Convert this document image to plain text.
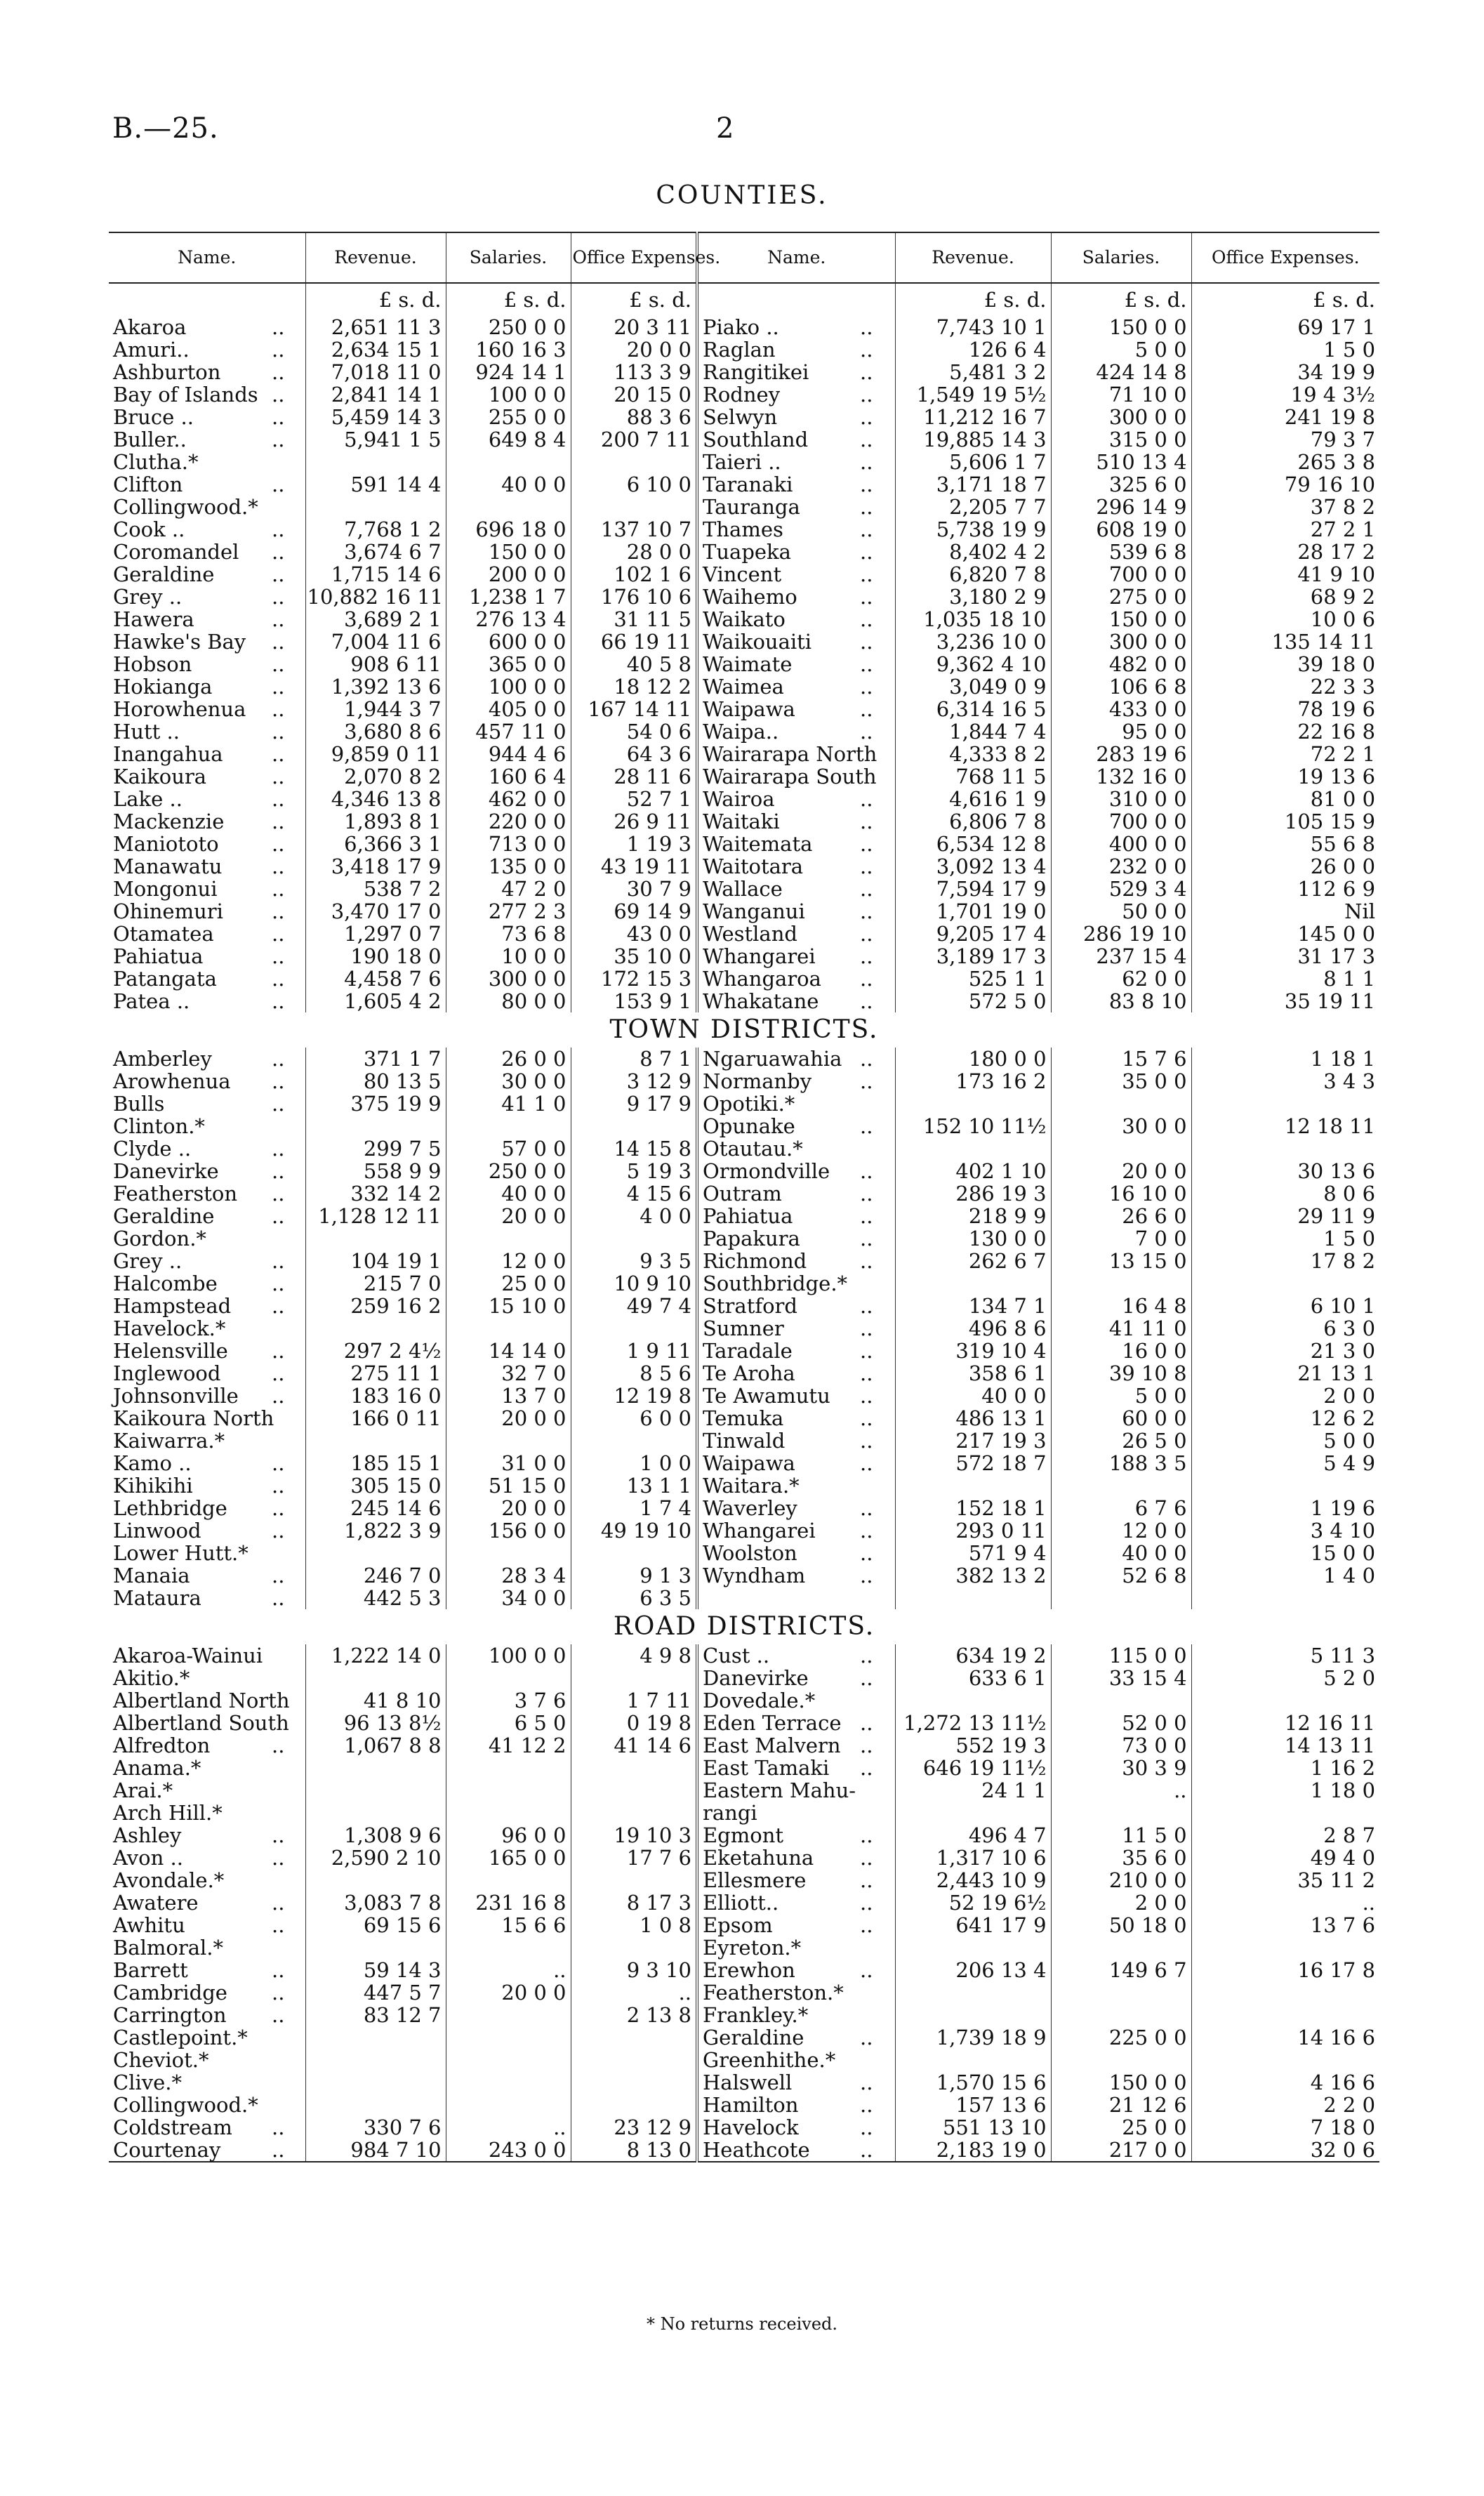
B.—25.	2
COUNTIES.
Name.		Revenue.	Salaries.	Office Expenses.	Name.		Revenue.	Salaries.	Office Expenses.
		£ s. d.	£ s. d.	£ s. d.			£ s. d.	£ s. d.	£ s. d.
Akaroa	..	2,651 11 3	250 0 0	20 3 11	Piako ..	..	7,743 10 1	150 0 0	69 17 1
Amuri..	..	2,634 15 1	160 16 3	20 0 0	Raglan	..	126 6 4	5 0 0	1 5 0
Ashburton	..	7,018 11 0	924 14 1	113 3 9	Rangitikei	..	5,481 3 2	424 14 8	34 19 9
Bay of Islands	..	2,841 14 1	100 0 0	20 15 0	Rodney	..	1,549 19 5½	71 10 0	19 4 3½
Bruce ..	..	5,459 14 3	255 0 0	88 3 6	Selwyn	..	11,212 16 7	300 0 0	241 19 8
Buller..	..	5,941 1 5	649 8 4	200 7 11	Southland	..	19,885 14 3	315 0 0	79 3 7
Clutha.*					Taieri ..	..	5,606 1 7	510 13 4	265 3 8
Clifton	..	591 14 4	40 0 0	6 10 0	Taranaki	..	3,171 18 7	325 6 0	79 16 10
Collingwood.*					Tauranga	..	2,205 7 7	296 14 9	37 8 2
Cook ..	..	7,768 1 2	696 18 0	137 10 7	Thames	..	5,738 19 9	608 19 0	27 2 1
Coromandel	..	3,674 6 7	150 0 0	28 0 0	Tuapeka	..	8,402 4 2	539 6 8	28 17 2
Geraldine	..	1,715 14 6	200 0 0	102 1 6	Vincent	..	6,820 7 8	700 0 0	41 9 10
Grey ..	..	10,882 16 11	1,238 1 7	176 10 6	Waihemo	..	3,180 2 9	275 0 0	68 9 2
Hawera	..	3,689 2 1	276 13 4	31 11 5	Waikato	..	1,035 18 10	150 0 0	10 0 6
Hawke's Bay	..	7,004 11 6	600 0 0	66 19 11	Waikouaiti	..	3,236 10 0	300 0 0	135 14 11
Hobson	..	908 6 11	365 0 0	40 5 8	Waimate	..	9,362 4 10	482 0 0	39 18 0
Hokianga	..	1,392 13 6	100 0 0	18 12 2	Waimea	..	3,049 0 9	106 6 8	22 3 3
Horowhenua	..	1,944 3 7	405 0 0	167 14 11	Waipawa	..	6,314 16 5	433 0 0	78 19 6
Hutt ..	..	3,680 8 6	457 11 0	54 0 6	Waipa..	..	1,844 7 4	95 0 0	22 16 8
Inangahua	..	9,859 0 11	944 4 6	64 3 6	Wairarapa North		4,333 8 2	283 19 6	72 2 1
Kaikoura	..	2,070 8 2	160 6 4	28 11 6	Wairarapa South		768 11 5	132 16 0	19 13 6
Lake ..	..	4,346 13 8	462 0 0	52 7 1	Wairoa	..	4,616 1 9	310 0 0	81 0 0
Mackenzie	..	1,893 8 1	220 0 0	26 9 11	Waitaki	..	6,806 7 8	700 0 0	105 15 9
Maniototo	..	6,366 3 1	713 0 0	1 19 3	Waitemata	..	6,534 12 8	400 0 0	55 6 8
Manawatu	..	3,418 17 9	135 0 0	43 19 11	Waitotara	..	3,092 13 4	232 0 0	26 0 0
Mongonui	..	538 7 2	47 2 0	30 7 9	Wallace	..	7,594 17 9	529 3 4	112 6 9
Ohinemuri	..	3,470 17 0	277 2 3	69 14 9	Wanganui	..	1,701 19 0	50 0 0	Nil
Otamatea	..	1,297 0 7	73 6 8	43 0 0	Westland	..	9,205 17 4	286 19 10	145 0 0
Pahiatua	..	190 18 0	10 0 0	35 10 0	Whangarei	..	3,189 17 3	237 15 4	31 17 3
Patangata	..	4,458 7 6	300 0 0	172 15 3	Whangaroa	..	525 1 1	62 0 0	8 1 1
Patea ..	..	1,605 4 2	80 0 0	153 9 1	Whakatane	..	572 5 0	83 8 10	35 19 11
TOWN DISTRICTS.									
Amberley	..	371 1 7	26 0 0	8 7 1	Ngaruawahia	..	180 0 0	15 7 6	1 18 1
Arowhenua	..	80 13 5	30 0 0	3 12 9	Normanby	..	173 16 2	35 0 0	3 4 3
Bulls	..	375 19 9	41 1 0	9 17 9	Opotiki.*				
Clinton.*					Opunake	..	152 10 11½	30 0 0	12 18 11
Clyde ..	..	299 7 5	57 0 0	14 15 8	Otautau.*				
Danevirke	..	558 9 9	250 0 0	5 19 3	Ormondville	..	402 1 10	20 0 0	30 13 6
Featherston	..	332 14 2	40 0 0	4 15 6	Outram	..	286 19 3	16 10 0	8 0 6
Geraldine	..	1,128 12 11	20 0 0	4 0 0	Pahiatua	..	218 9 9	26 6 0	29 11 9
Gordon.*					Papakura	..	130 0 0	7 0 0	1 5 0
Grey ..	..	104 19 1	12 0 0	9 3 5	Richmond	..	262 6 7	13 15 0	17 8 2
Halcombe	..	215 7 0	25 0 0	10 9 10	Southbridge.*				
Hampstead	..	259 16 2	15 10 0	49 7 4	Stratford	..	134 7 1	16 4 8	6 10 1
Havelock.*					Sumner	..	496 8 6	41 11 0	6 3 0
Helensville	..	297 2 4½	14 14 0	1 9 11	Taradale	..	319 10 4	16 0 0	21 3 0
Inglewood	..	275 11 1	32 7 0	8 5 6	Te Aroha	..	358 6 1	39 10 8	21 13 1
Johnsonville	..	183 16 0	13 7 0	12 19 8	Te Awamutu	..	40 0 0	5 0 0	2 0 0
Kaikoura North		166 0 11	20 0 0	6 0 0	Temuka	..	486 13 1	60 0 0	12 6 2
Kaiwarra.*					Tinwald	..	217 19 3	26 5 0	5 0 0
Kamo ..	..	185 15 1	31 0 0	1 0 0	Waipawa	..	572 18 7	188 3 5	5 4 9
Kihikihi	..	305 15 0	51 15 0	13 1 1	Waitara.*				
Lethbridge	..	245 14 6	20 0 0	1 7 4	Waverley	..	152 18 1	6 7 6	1 19 6
Linwood	..	1,822 3 9	156 0 0	49 19 10	Whangarei	..	293 0 11	12 0 0	3 4 10
Lower Hutt.*					Woolston	..	571 9 4	40 0 0	15 0 0
Manaia	..	246 7 0	28 3 4	9 1 3	Wyndham	..	382 13 2	52 6 8	1 4 0
Mataura	..	442 5 3	34 0 0	6 3 5					
ROAD DISTRICTS.									
Akaroa-Wainui		1,222 14 0	100 0 0	4 9 8	Cust ..	..	634 19 2	115 0 0	5 11 3
Akitio.*					Danevirke	..	633 6 1	33 15 4	5 2 0
Albertland North		41 8 10	3 7 6	1 7 11	Dovedale.*				
Albertland South		96 13 8½	6 5 0	0 19 8	Eden Terrace	..	1,272 13 11½	52 0 0	12 16 11
Alfredton	..	1,067 8 8	41 12 2	41 14 6	East Malvern	..	552 19 3	73 0 0	14 13 11
Anama.*					East Tamaki	..	646 19 11½	30 3 9	1 16 2
Arai.*					Eastern Mahu-		24 1 1	..	1 18 0
Arch Hill.*					rangi				
Ashley	..	1,308 9 6	96 0 0	19 10 3	Egmont	..	496 4 7	11 5 0	2 8 7
Avon ..	..	2,590 2 10	165 0 0	17 7 6	Eketahuna	..	1,317 10 6	35 6 0	49 4 0
Avondale.*					Ellesmere	..	2,443 10 9	210 0 0	35 11 2
Awatere	..	3,083 7 8	231 16 8	8 17 3	Elliott..	..	52 19 6½	2 0 0	..
Awhitu	..	69 15 6	15 6 6	1 0 8	Epsom	..	641 17 9	50 18 0	13 7 6
Balmoral.*					Eyreton.*				
Barrett	..	59 14 3	..	9 3 10	Erewhon	..	206 13 4	149 6 7	16 17 8
Cambridge	..	447 5 7	20 0 0	..	Featherston.*				
Carrington	..	83 12 7		2 13 8	Frankley.*				
Castlepoint.*					Geraldine	..	1,739 18 9	225 0 0	14 16 6
Cheviot.*					Greenhithe.*				
Clive.*					Halswell	..	1,570 15 6	150 0 0	4 16 6
Collingwood.*					Hamilton	..	157 13 6	21 12 6	2 2 0
Coldstream	..	330 7 6	..	23 12 9	Havelock	..	551 13 10	25 0 0	7 18 0
Courtenay	..	984 7 10	243 0 0	8 13 0	Heathcote	..	2,183 19 0	217 0 0	32 0 6
* No returns received.
